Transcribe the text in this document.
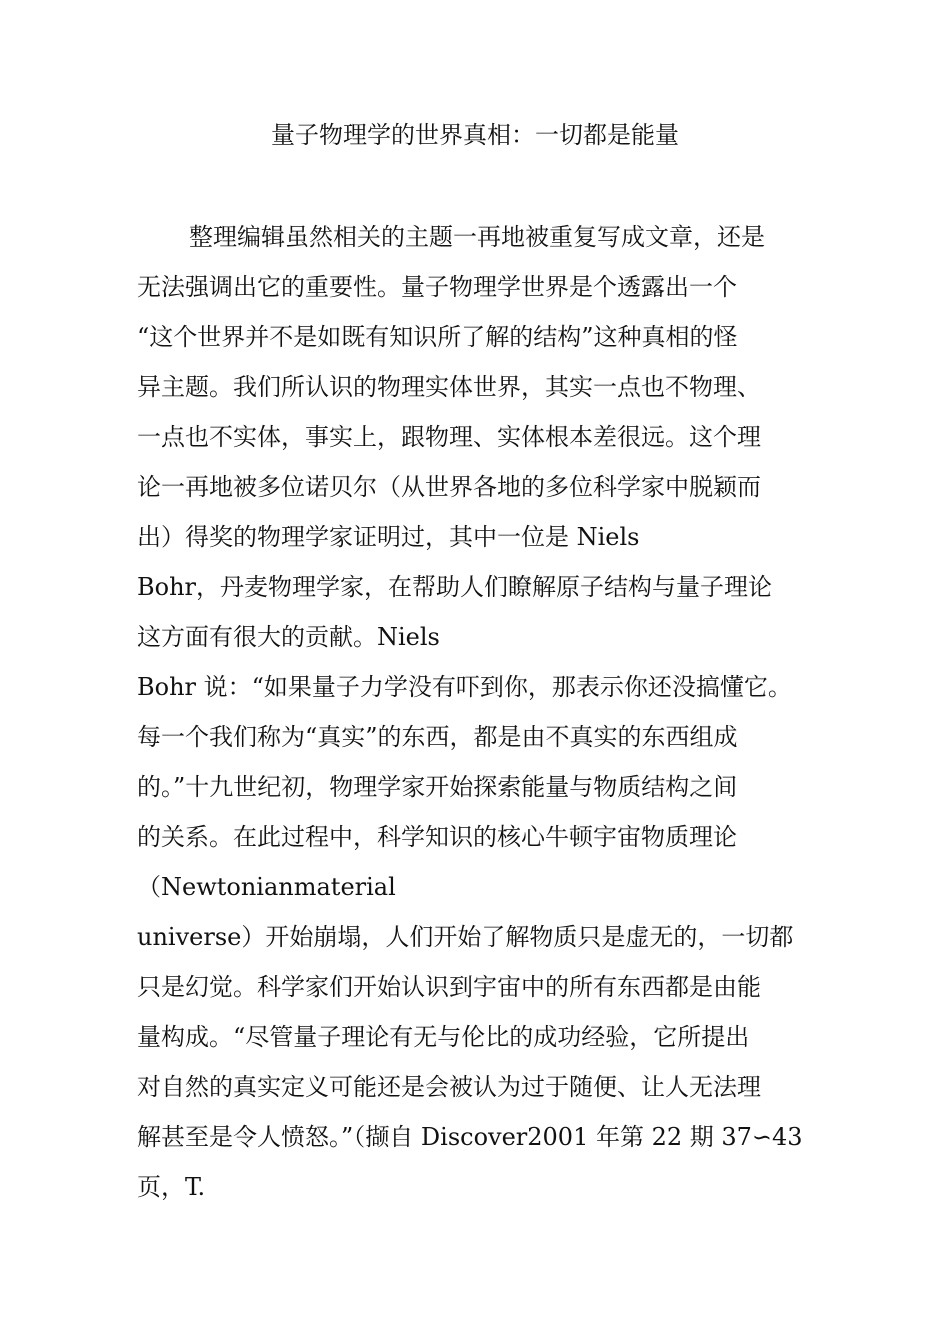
量子物理学的世界真相：一切都是能量
整理编辑虽然相关的主题一再地被重复写成文章，还是
无法强调出它的重要性。量子物理学世界是个透露出一个
“这个世界并不是如既有知识所了解的结构”这种真相的怪
异主题。我们所认识的物理实体世界，其实一点也不物理、
一点也不实体，事实上，跟物理、实体根本差很远。这个理
论一再地被多位诺贝尔（从世界各地的多位科学家中脱颖而
出）得奖的物理学家证明过，其中一位是 Niels
Bohr，丹麦物理学家，在帮助人们瞭解原子结构与量子理论
这方面有很大的贡献。Niels
Bohr 说：“如果量子力学没有吓到你，那表示你还没搞懂它。
每一个我们称为“真实”的东西，都是由不真实的东西组成
的。”十九世纪初，物理学家开始探索能量与物质结构之间
的关系。在此过程中，科学知识的核心牛顿宇宙物质理论
（Newtonianmaterial
universe）开始崩塌，人们开始了解物质只是虚无的，一切都
只是幻觉。科学家们开始认识到宇宙中的所有东西都是由能
量构成。“尽管量子理论有无与伦比的成功经验，它所提出
对自然的真实定义可能还是会被认为过于随便、让人无法理
解甚至是令人愤怒。”（撷自 Discover2001 年第 22 期 37∽43
页，T.
